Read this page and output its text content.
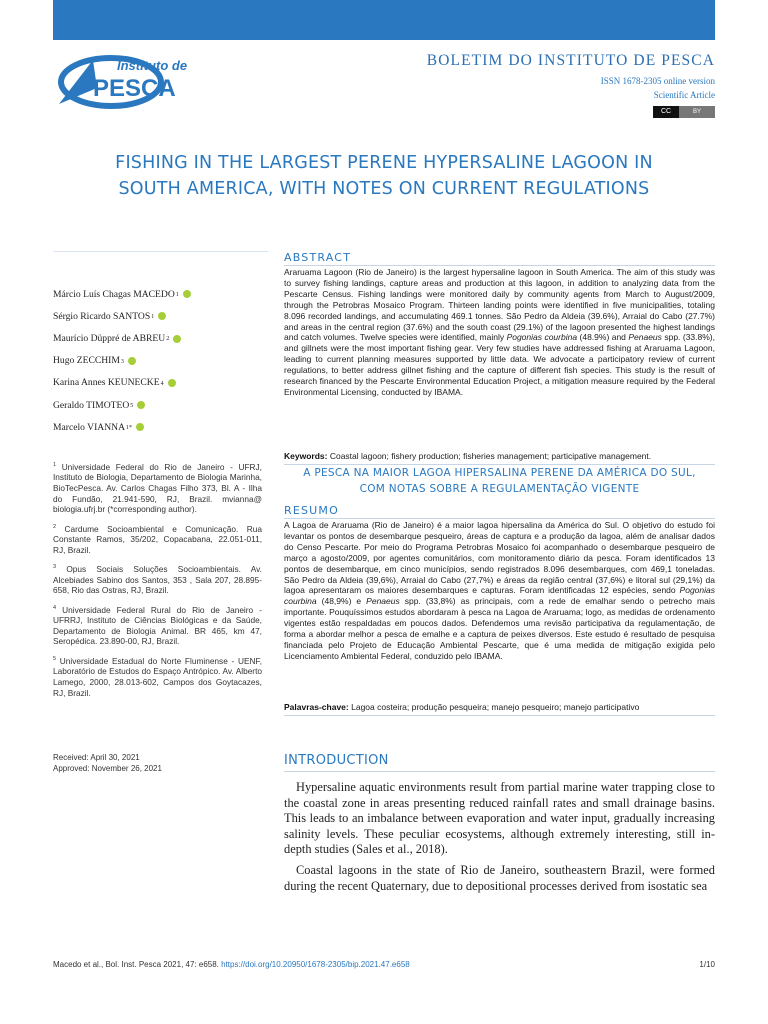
Instituto de
PESCA
BOLETIM DO INSTITUTO DE PESCA
ISSN 1678-2305 online version
Scientific Article
CC	BY
FISHING IN THE LARGEST PERENE HYPERSALINE LAGOON IN
SOUTH AMERICA, WITH NOTES ON CURRENT REGULATIONS
Márcio Luís Chagas MACEDO 1
Sérgio Ricardo SANTOS 1
Maurício Düppré de ABREU 2
Hugo ZECCHIM 3
Karina Annes KEUNECKE 4
Geraldo TIMOTEO 5
Marcelo VIANNA 1*
$^1$ Universidade Federal do Rio de Janeiro - UFRJ, Instituto de Biologia, Departamento de Biologia Marinha, BioTecPesca. Av. Carlos Chagas Filho 373, Bl. A - Ilha do Fundão, 21.941-590, RJ, Brazil. mvianna@ biologia.ufrj.br (*corresponding author).
$^2$ Cardume Socioambiental e Comunicação. Rua Constante Ramos, 35/202, Copacabana, 22.051-011, RJ, Brazil.
$^3$ Opus Sociais Soluções Socioambientais. Av. Alcebiades Sabino dos Santos, 353 , Sala 207, 28.895-658, Rio das Ostras, RJ, Brazil.
$^4$ Universidade Federal Rural do Rio de Janeiro - UFRRJ, Instituto de Ciências Biológicas e da Saúde, Departamento de Biologia Animal. BR 465, km 47, Seropédica. 23.890-00, RJ, Brazil.
$^5$ Universidade Estadual do Norte Fluminense - UENF, Laboratório de Estudos do Espaço Antrópico. Av. Alberto Lamego, 2000, 28.013-602, Campos dos Goytacazes, RJ, Brazil.
Received: April 30, 2021
Approved: November 26, 2021
ABSTRACT
Araruama Lagoon (Rio de Janeiro) is the largest hypersaline lagoon in South America. The aim of this study was to survey fishing landings, capture areas and production at this lagoon, in addition to analyzing data from the Pescarte Census. Fishing landings were monitored daily by community agents from March to August/2009, through the Petrobras Mosaico Program. Thirteen landing points were identified in five municipalities, totaling 8.096 recorded landings, and accumulating 469.1 tonnes. São Pedro da Aldeia (39.6%), Arraial do Cabo (27.7%) and areas in the central region (37.6%) and the south coast (29.1%) of the lagoon presented the highest landings and catch volumes. Twelve species were identified, mainly Pogonias courbina (48.9%) and Penaeus spp. (33.8%), and gillnets were the most important fishing gear. Very few studies have addressed fishing at Araruama Lagoon, leading to current planning measures supported by little data. We advocate a participatory review of current regulations, to better address gillnet fishing and the capture of different fish species. This study is the result of research financed by the Pescarte Environmental Education Project, a mitigation measure required by the Federal Environmental Licensing, conducted by IBAMA.
Keywords: Coastal lagoon; fishery production; fisheries management; participative management.
A PESCA NA MAIOR LAGOA HIPERSALINA PERENE DA AMÉRICA DO SUL,
COM NOTAS SOBRE A REGULAMENTAÇÃO VIGENTE
RESUMO
A Lagoa de Araruama (Rio de Janeiro) é a maior lagoa hipersalina da América do Sul. O objetivo do estudo foi levantar os pontos de desembarque pesqueiro, áreas de captura e a produção da lagoa, além de analisar dados do Censo Pescarte. Por meio do Programa Petrobras Mosaico foi acompanhado o desembarque pesqueiro de março a agosto/2009, por agentes comunitários, com monitoramento diário da pesca. Foram identificados 13 pontos de desembarque, em cinco municípios, sendo registrados 8.096 desembarques, com 469,1 toneladas. São Pedro da Aldeia (39,6%), Arraial do Cabo (27,7%) e áreas da região central (37,6%) e litoral sul (29,1%) da lagoa apresentaram os maiores desembarques e capturas. Foram identificadas 12 espécies, sendo Pogonias courbina (48,9%) e Penaeus spp. (33,8%) as principais, com a rede de emalhar sendo o petrecho mais importante. Pouquíssimos estudos abordaram à pesca na Lagoa de Araruama; logo, as medidas de ordenamento vigentes estão respaldadas em poucos dados. Defendemos uma revisão participativa da regulamentação, de forma a abordar melhor a pesca de emalhe e a captura de peixes diversos. Este estudo é resultado de pesquisa financiada pelo Projeto de Educação Ambiental Pescarte, que é uma medida de mitigação exigida pelo Licenciamento Ambiental Federal, conduzido pelo IBAMA.
Palavras-chave: Lagoa costeira; produção pesqueira; manejo pesqueiro; manejo participativo
INTRODUCTION

Hypersaline aquatic environments result from partial marine water trapping close to the coastal zone in areas presenting reduced rainfall rates and small drainage basins. This leads to an imbalance between evaporation and water input, gradually increasing salinity levels. These peculiar ecosystems, although extremely interesting, still in-depth studies (Sales et al., 2018).

Coastal lagoons in the state of Rio de Janeiro, southeastern Brazil, were formed during the recent Quaternary, due to depositional processes derived from isostatic sea

Macedo et al., Bol. Inst. Pesca 2021, 47: e658. https://doi.org/10.20950/1678-2305/bip.2021.47.e658	1/10
